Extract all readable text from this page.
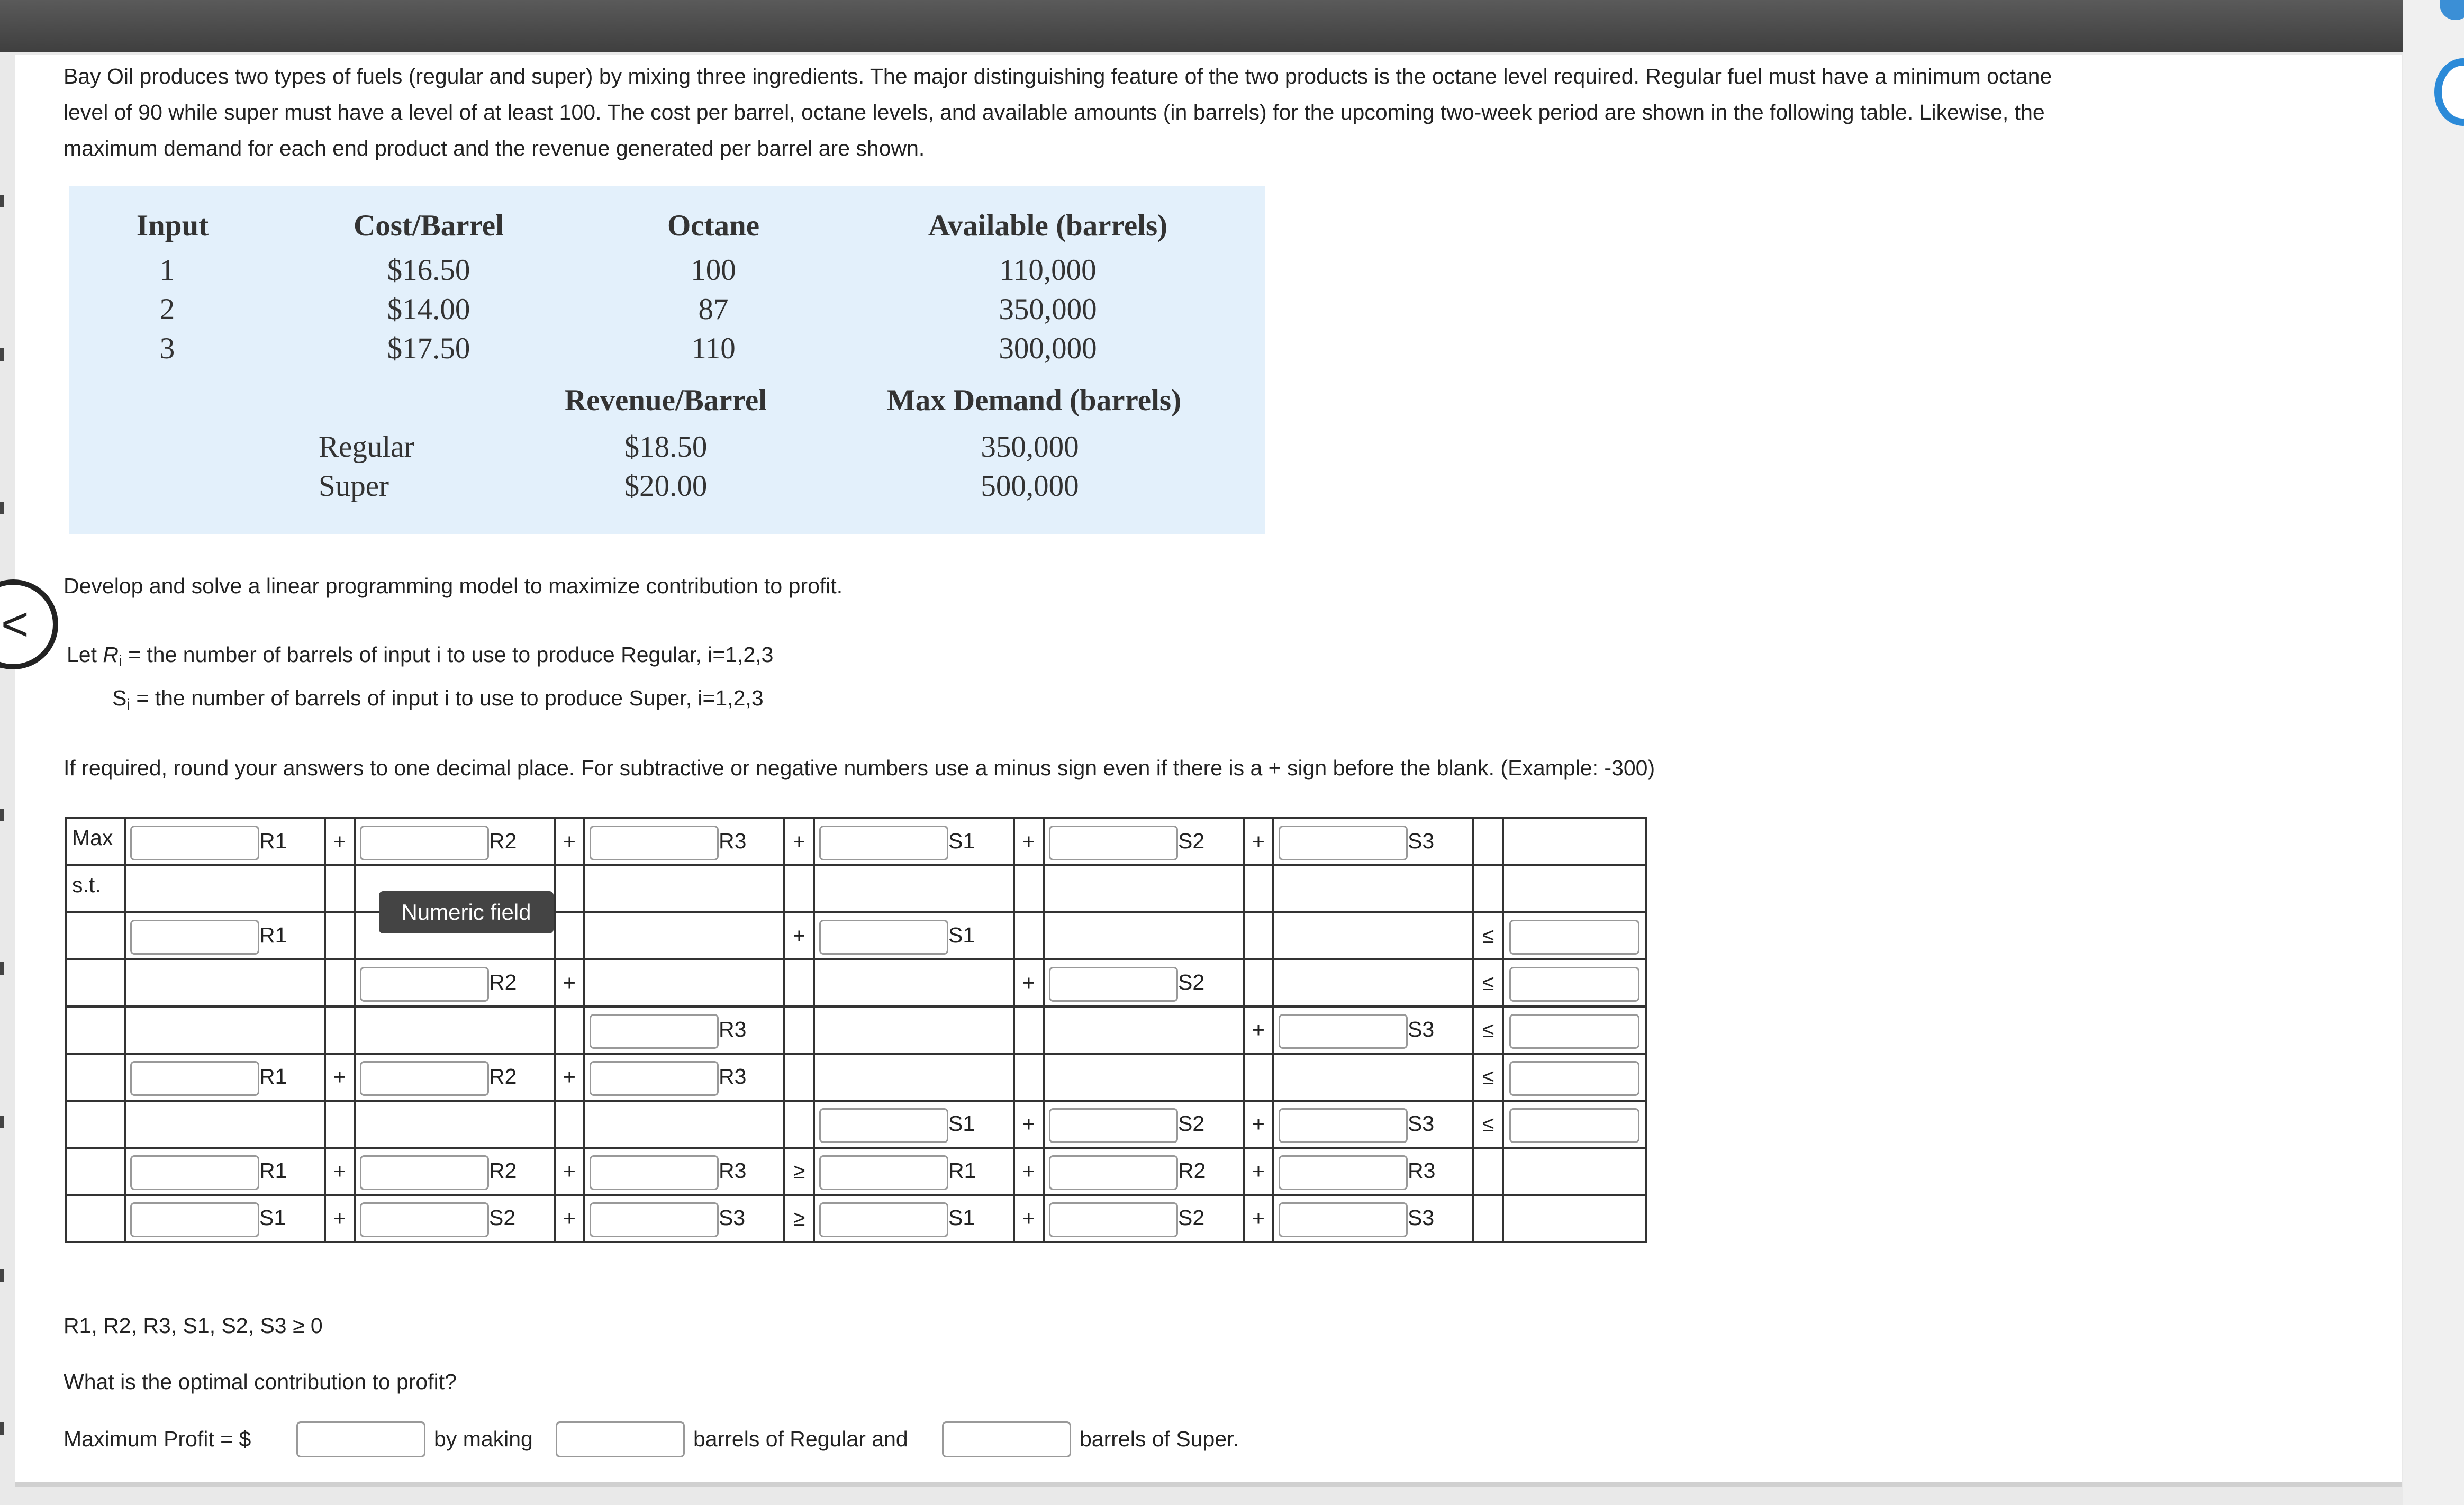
Bay Oil produces two types of fuels (regular and super) by mixing three ingredients. The major distinguishing feature of the two products is the octane level required. Regular fuel must have a minimum octane
level of 90 while super must have a level of at least 100. The cost per barrel, octane levels, and available amounts (in barrels) for the upcoming two-week period are shown in the following table. Likewise, the
maximum demand for each end product and the revenue generated per barrel are shown.

Input	Cost/Barrel	Octane	Available (barrels)
1	$16.50	100	110,000
2	$14.00	87	350,000
3	$17.50	110	300,000
Revenue/Barrel	Max Demand (barrels)
Regular	$18.50	350,000
Super	$20.00	500,000
<
Develop and solve a linear programming model to maximize contribution to profit.
Let $R_i$ = the number of barrels of input i to use to produce Regular, i=1,2,3
$S_i$ = the number of barrels of input i to use to produce Super, i=1,2,3
If required, round your answers to one decimal place. For subtractive or negative numbers use a minus sign even if there is a + sign before the blank. (Example: -300)
Max	R1	+	R2	+	R3	+	S1	+	S2	+	S3		

s.t.													

	R1					+	S1					≤	

			R2	+				+	S2			≤	

					R3					+	S3	≤	

	R1	+	R2	+	R3							≤	

							S1	+	S2	+	S3	≤	

	R1	+	R2	+	R3	≥	R1	+	R2	+	R3		

	S1	+	S2	+	S3	≥	S1	+	S2	+	S3		

Numeric field
R1, R2, R3, S1, S2, S3 ≥ 0
What is the optimal contribution to profit?
Maximum Profit = $	by making	barrels of Regular and	barrels of Super.
